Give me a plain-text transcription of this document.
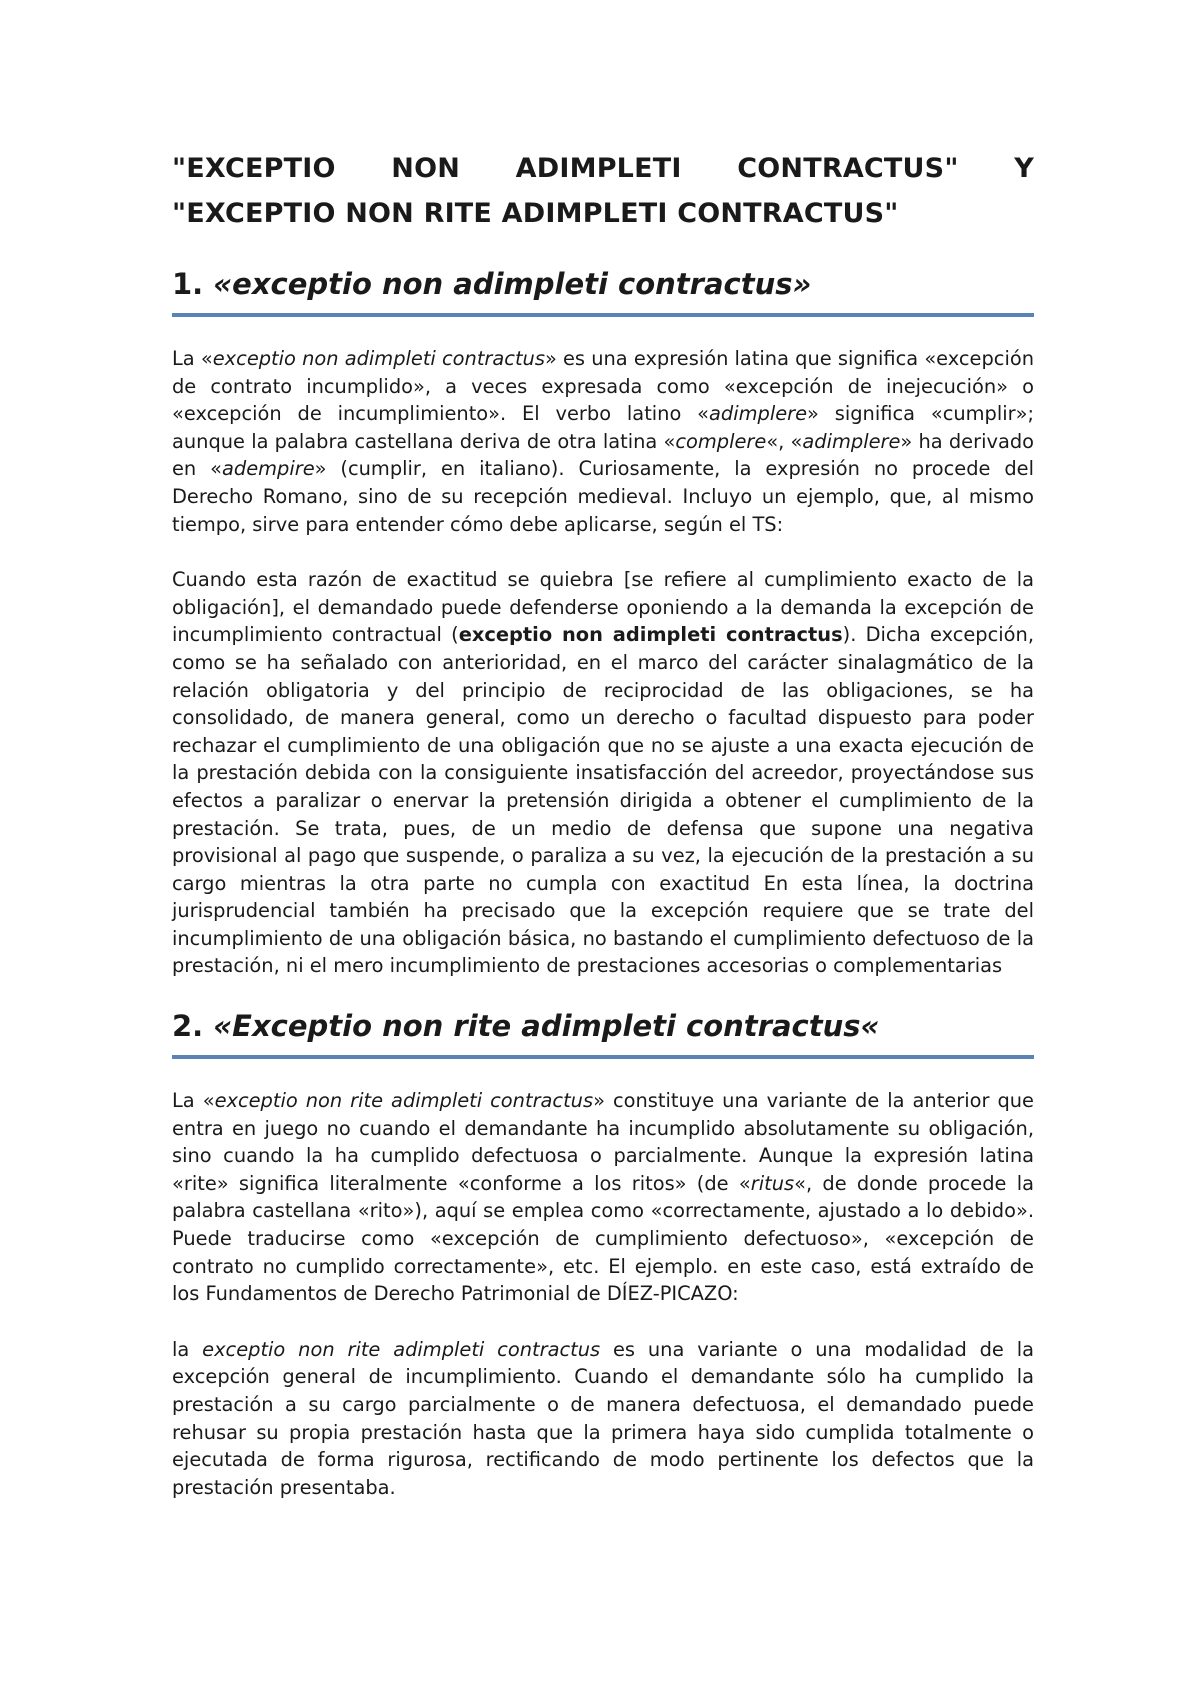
"EXCEPTIO NON ADIMPLETI CONTRACTUS" Y
"EXCEPTIO NON RITE ADIMPLETI CONTRACTUS"
1. «exceptio non adimpleti contractus»

La «exceptio non adimpleti contractus» es una expresión latina que significa «excepción de contrato incumplido», a veces expresada como «excepción de inejecución» o «excepción de incumplimiento». El verbo latino «adimplere» significa «cumplir»; aunque la palabra castellana deriva de otra latina «complere«, «adimplere» ha derivado en «adempire» (cumplir, en italiano). Curiosamente, la expresión no procede del Derecho Romano, sino de su recepción medieval. Incluyo un ejemplo, que, al mismo tiempo, sirve para entender cómo debe aplicarse, según el TS:

Cuando esta razón de exactitud se quiebra [se refiere al cumplimiento exacto de la obligación], el demandado puede defenderse oponiendo a la demanda la excepción de incumplimiento contractual (exceptio non adimpleti contractus). Dicha excepción, como se ha señalado con anterioridad, en el marco del carácter sinalagmático de la relación obligatoria y del principio de reciprocidad de las obligaciones, se ha consolidado, de manera general, como un derecho o facultad dispuesto para poder rechazar el cumplimiento de una obligación que no se ajuste a una exacta ejecución de la prestación debida con la consiguiente insatisfacción del acreedor, proyectándose sus efectos a paralizar o enervar la pretensión dirigida a obtener el cumplimiento de la prestación. Se trata, pues, de un medio de defensa que supone una negativa provisional al pago que suspende, o paraliza a su vez, la ejecución de la prestación a su cargo mientras la otra parte no cumpla con exactitud En esta línea, la doctrina jurisprudencial también ha precisado que la excepción requiere que se trate del incumplimiento de una obligación básica, no bastando el cumplimiento defectuoso de la prestación, ni el mero incumplimiento de prestaciones accesorias o complementarias

2. «Exceptio non rite adimpleti contractus«

La «exceptio non rite adimpleti contractus» constituye una variante de la anterior que entra en juego no cuando el demandante ha incumplido absolutamente su obligación, sino cuando la ha cumplido defectuosa o parcialmente. Aunque la expresión latina «rite» significa literalmente «conforme a los ritos» (de «ritus«, de donde procede la palabra castellana «rito»), aquí se emplea como «correctamente, ajustado a lo debido». Puede traducirse como «excepción de cumplimiento defectuoso», «excepción de contrato no cumplido correctamente», etc. El ejemplo. en este caso, está extraído de los Fundamentos de Derecho Patrimonial de DÍEZ-PICAZO:

la exceptio non rite adimpleti contractus es una variante o una modalidad de la excepción general de incumplimiento. Cuando el demandante sólo ha cumplido la prestación a su cargo parcialmente o de manera defectuosa, el demandado puede rehusar su propia prestación hasta que la primera haya sido cumplida totalmente o ejecutada de forma rigurosa, rectificando de modo pertinente los defectos que la prestación presentaba.
